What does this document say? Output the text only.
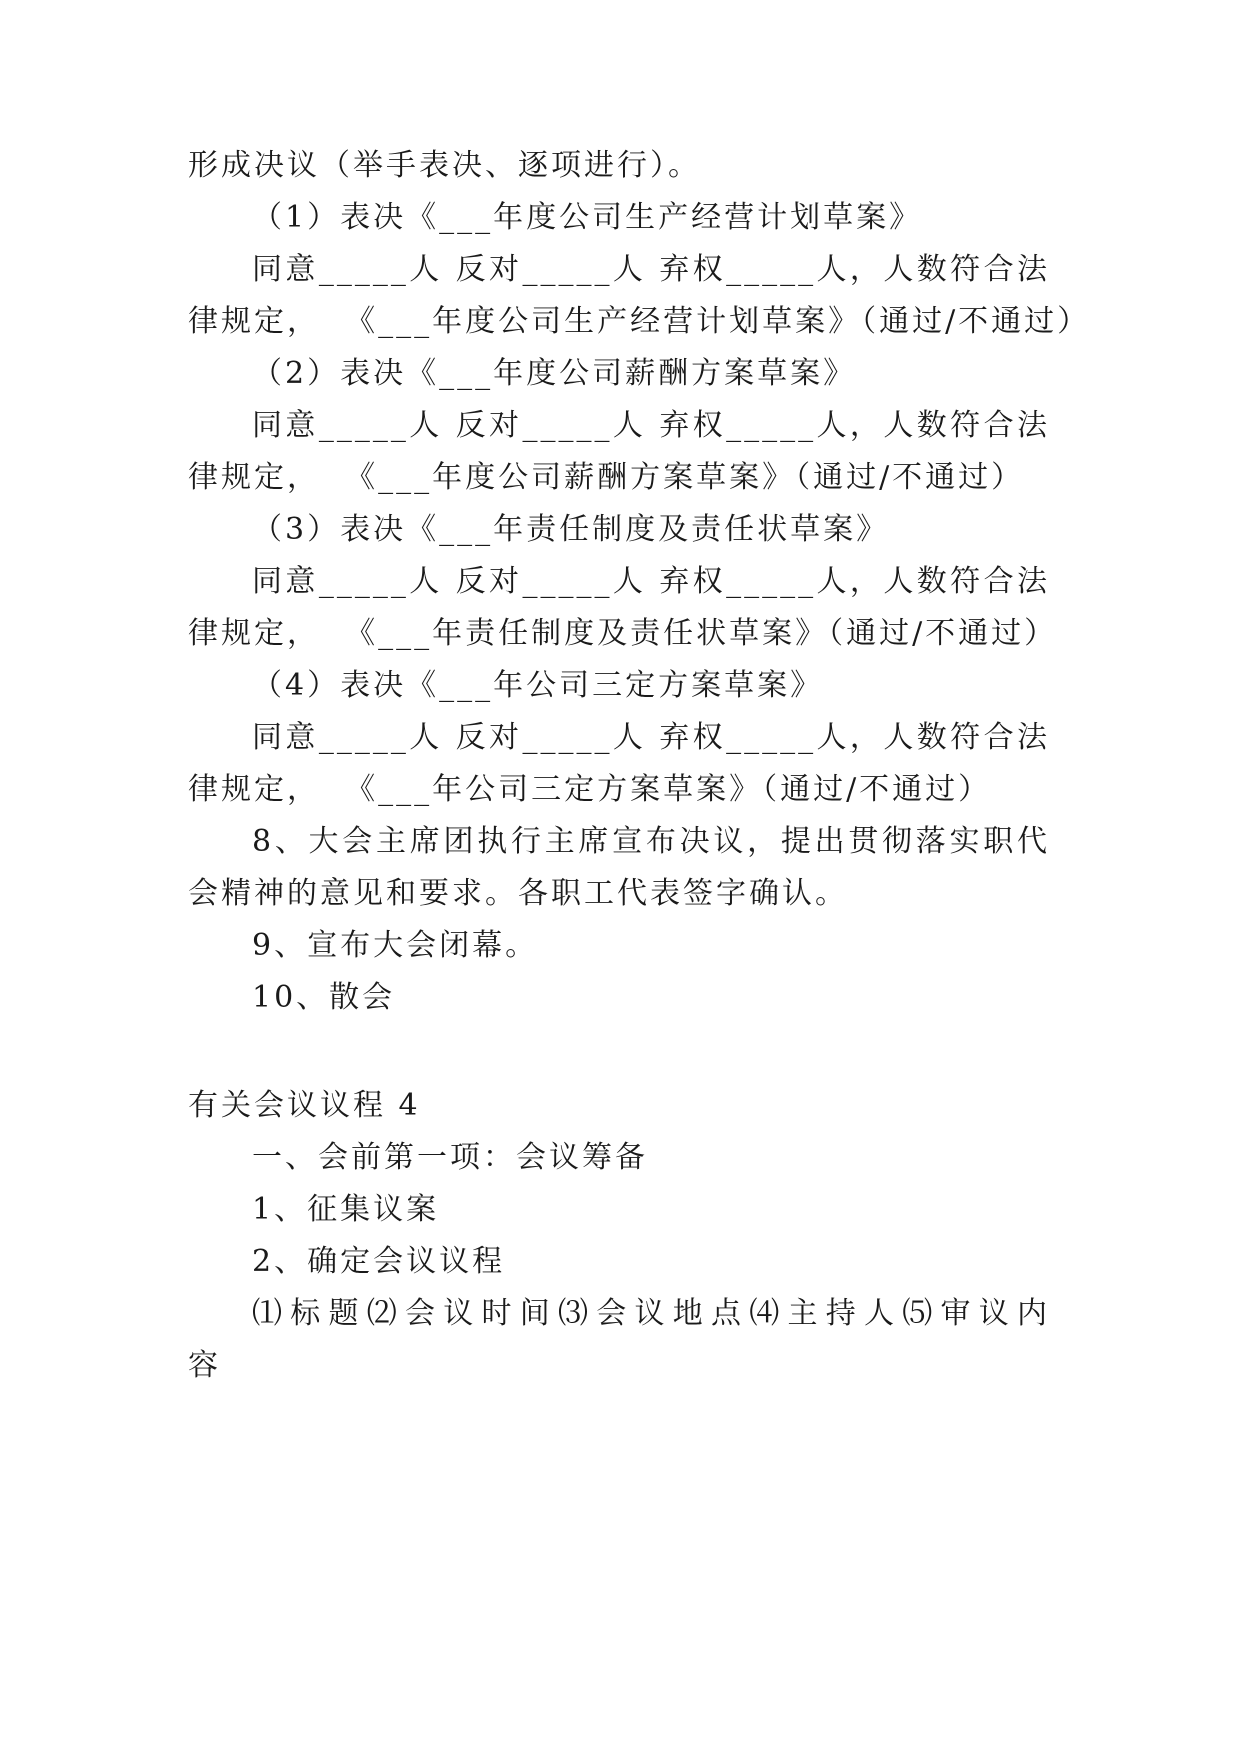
形成决议（举手表决、逐项进行）。
（1）表决《___年度公司生产经营计划草案》
同意_____人 反对_____人 弃权_____人，人数符合法
律规定，  《___年度公司生产经营计划草案》（通过/不通过）
（2）表决《___年度公司薪酬方案草案》
同意_____人 反对_____人 弃权_____人，人数符合法
律规定，  《___年度公司薪酬方案草案》（通过/不通过）
（3）表决《___年责任制度及责任状草案》
同意_____人 反对_____人 弃权_____人，人数符合法
律规定，  《___年责任制度及责任状草案》（通过/不通过）
（4）表决《___年公司三定方案草案》
同意_____人 反对_____人 弃权_____人，人数符合法
律规定，  《___年公司三定方案草案》（通过/不通过）
8、大会主席团执行主席宣布决议，提出贯彻落实职代
会精神的意见和要求。各职工代表签字确认。
9、宣布大会闭幕。
10、散会
有关会议议程 4
一、会前第一项：会议筹备
1、征集议案
2、确定会议议程
⑴标题⑵会议时间⑶会议地点⑷主持人⑸审议内
容
